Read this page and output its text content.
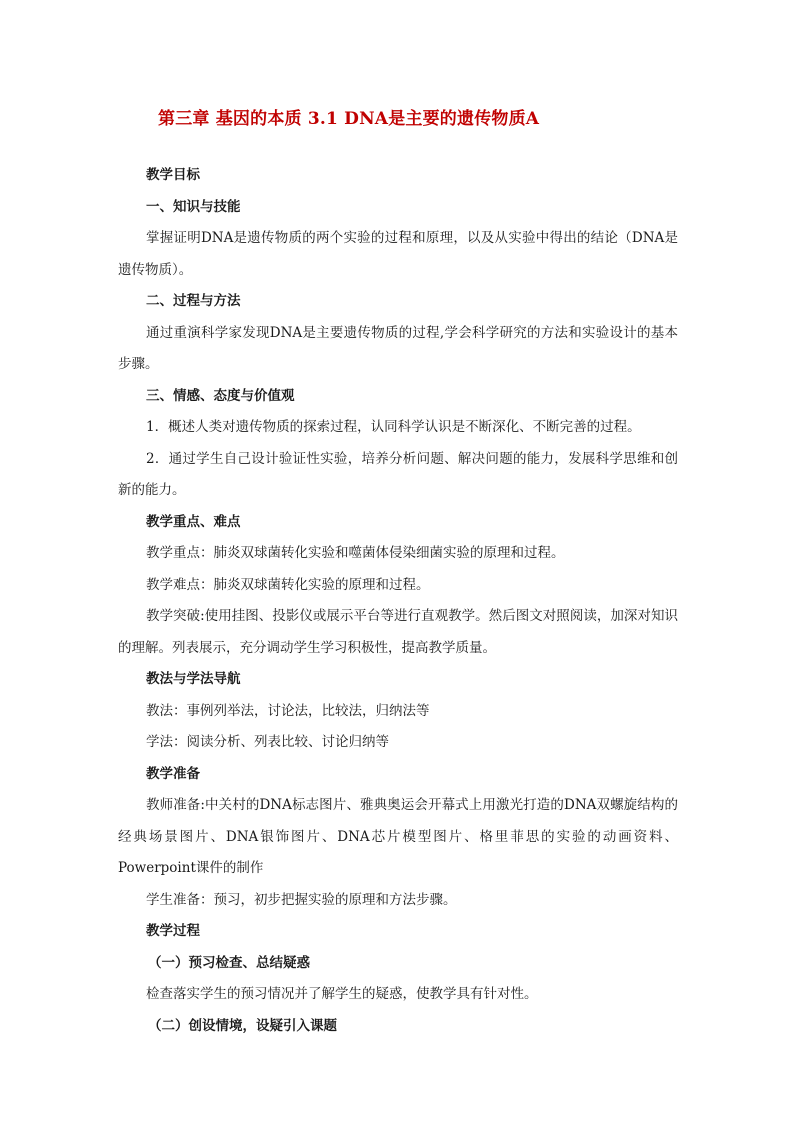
第三章 基因的本质 3.1 DNA是主要的遗传物质A

教学目标

一、知识与技能

掌握证明DNA是遗传物质的两个实验的过程和原理，以及从实验中得出的结论（DNA是遗传物质）。

二、过程与方法

通过重演科学家发现DNA是主要遗传物质的过程,学会科学研究的方法和实验设计的基本步骤。

三、情感、态度与价值观

1．概述人类对遗传物质的探索过程，认同科学认识是不断深化、不断完善的过程。

2．通过学生自己设计验证性实验，培养分析问题、解决问题的能力，发展科学思维和创新的能力。

教学重点、难点

教学重点：肺炎双球菌转化实验和噬菌体侵染细菌实验的原理和过程。

教学难点：肺炎双球菌转化实验的原理和过程。

教学突破:使用挂图、投影仪或展示平台等进行直观教学。然后图文对照阅读，加深对知识的理解。列表展示，充分调动学生学习积极性，提高教学质量。

教法与学法导航

教法：事例列举法，讨论法，比较法，归纳法等

学法：阅读分析、列表比较、讨论归纳等

教学准备

教师准备:中关村的DNA标志图片、雅典奥运会开幕式上用激光打造的DNA双螺旋结构的经典场景图片、DNA银饰图片、DNA芯片模型图片、格里菲思的实验的动画资料、Powerpoint课件的制作

学生准备：预习，初步把握实验的原理和方法步骤。

教学过程

（一）预习检查、总结疑惑

检查落实学生的预习情况并了解学生的疑惑，使教学具有针对性。

（二）创设情境，设疑引入课题
